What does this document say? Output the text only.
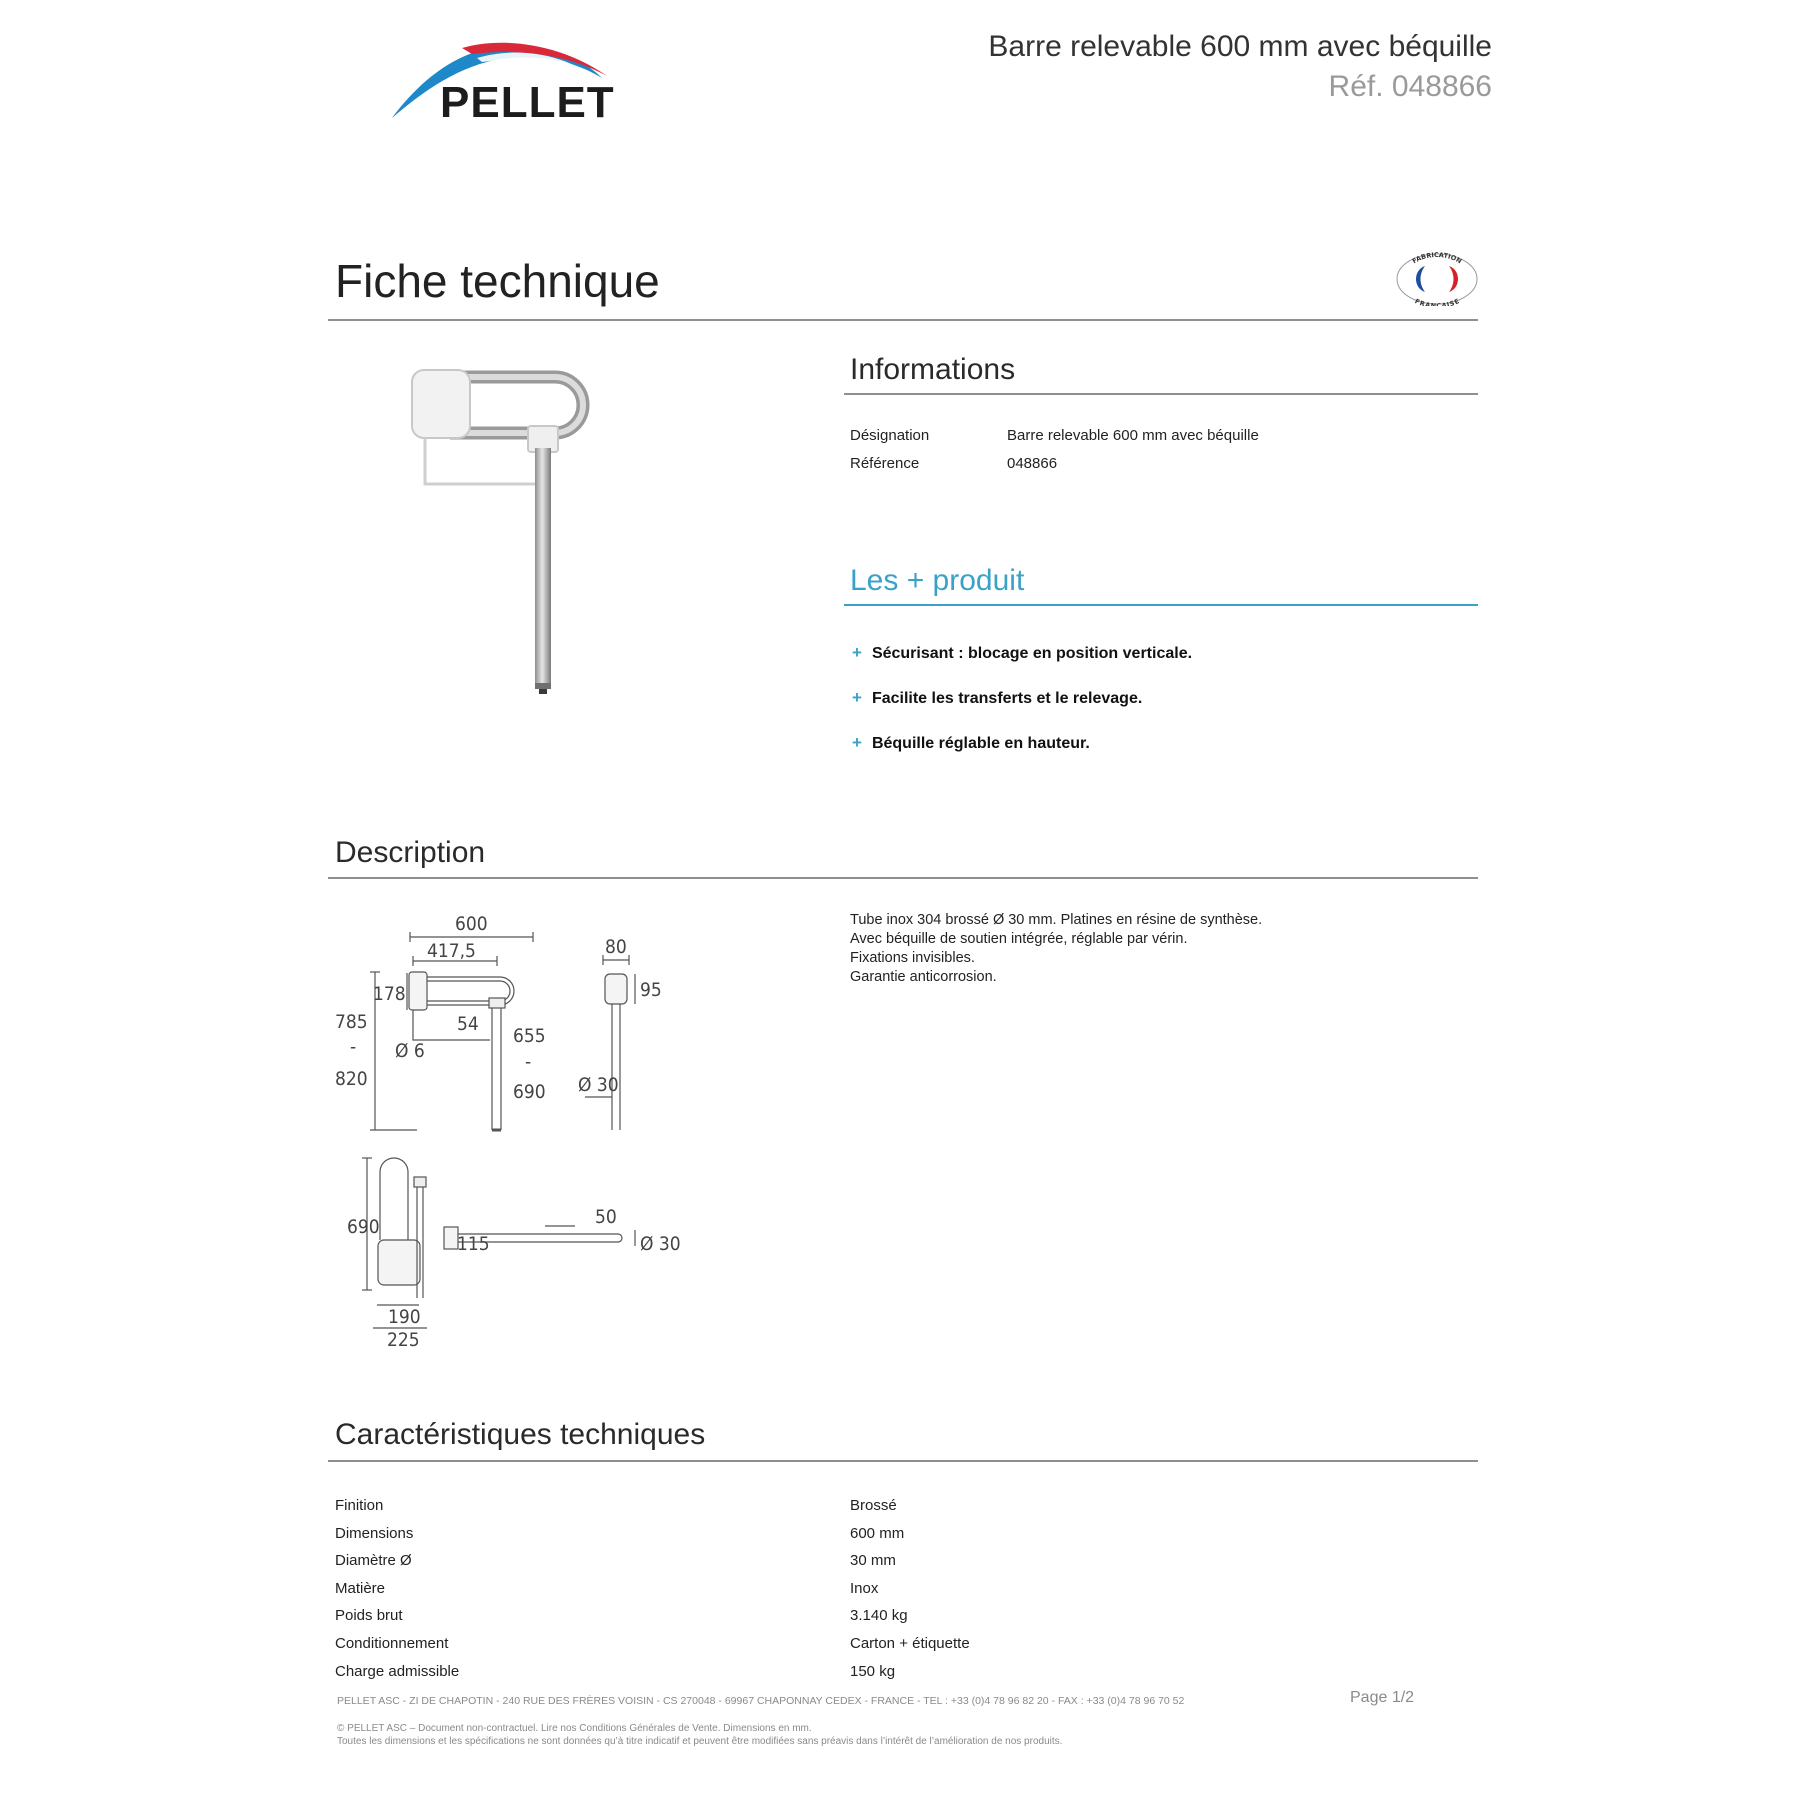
PELLET
Barre relevable 600 mm avec béquille
Réf. 048866
Fiche technique	FABRICATION
FRANÇAISE
Informations
Désignation	Barre relevable 600 mm avec béquille
Référence	048866
Les + produit
+ Sécurisant : blocage en position verticale.
+ Facilite les transferts et le relevage.
+ Béquille réglable en hauteur.
Description
Tube inox 304 brossé Ø 30 mm. Platines en résine de synthèse.
Avec béquille de soutien intégrée, réglable par vérin.
Fixations invisibles.
Garantie anticorrosion.
600
417,5
178
54
785
-
820
Ø 6
655
-
690
80
95
Ø 30
690
190
225
115
50
Ø 30
Caractéristiques techniques
Finition	Brossé
Dimensions	600 mm
Diamètre Ø	30 mm
Matière	Inox
Poids brut	3.140 kg
Conditionnement	Carton + étiquette
Charge admissible	150 kg
PELLET ASC - ZI DE CHAPOTIN - 240 RUE DES FRÈRES VOISIN - CS 270048 - 69967 CHAPONNAY CEDEX - FRANCE - TEL : +33 (0)4 78 96 82 20 - FAX : +33 (0)4 78 96 70 52	Page 1/2
© PELLET ASC – Document non-contractuel. Lire nos Conditions Générales de Vente. Dimensions en mm.
Toutes les dimensions et les spécifications ne sont données qu’à titre indicatif et peuvent être modifiées sans préavis dans l’intérêt de l’amélioration de nos produits.
